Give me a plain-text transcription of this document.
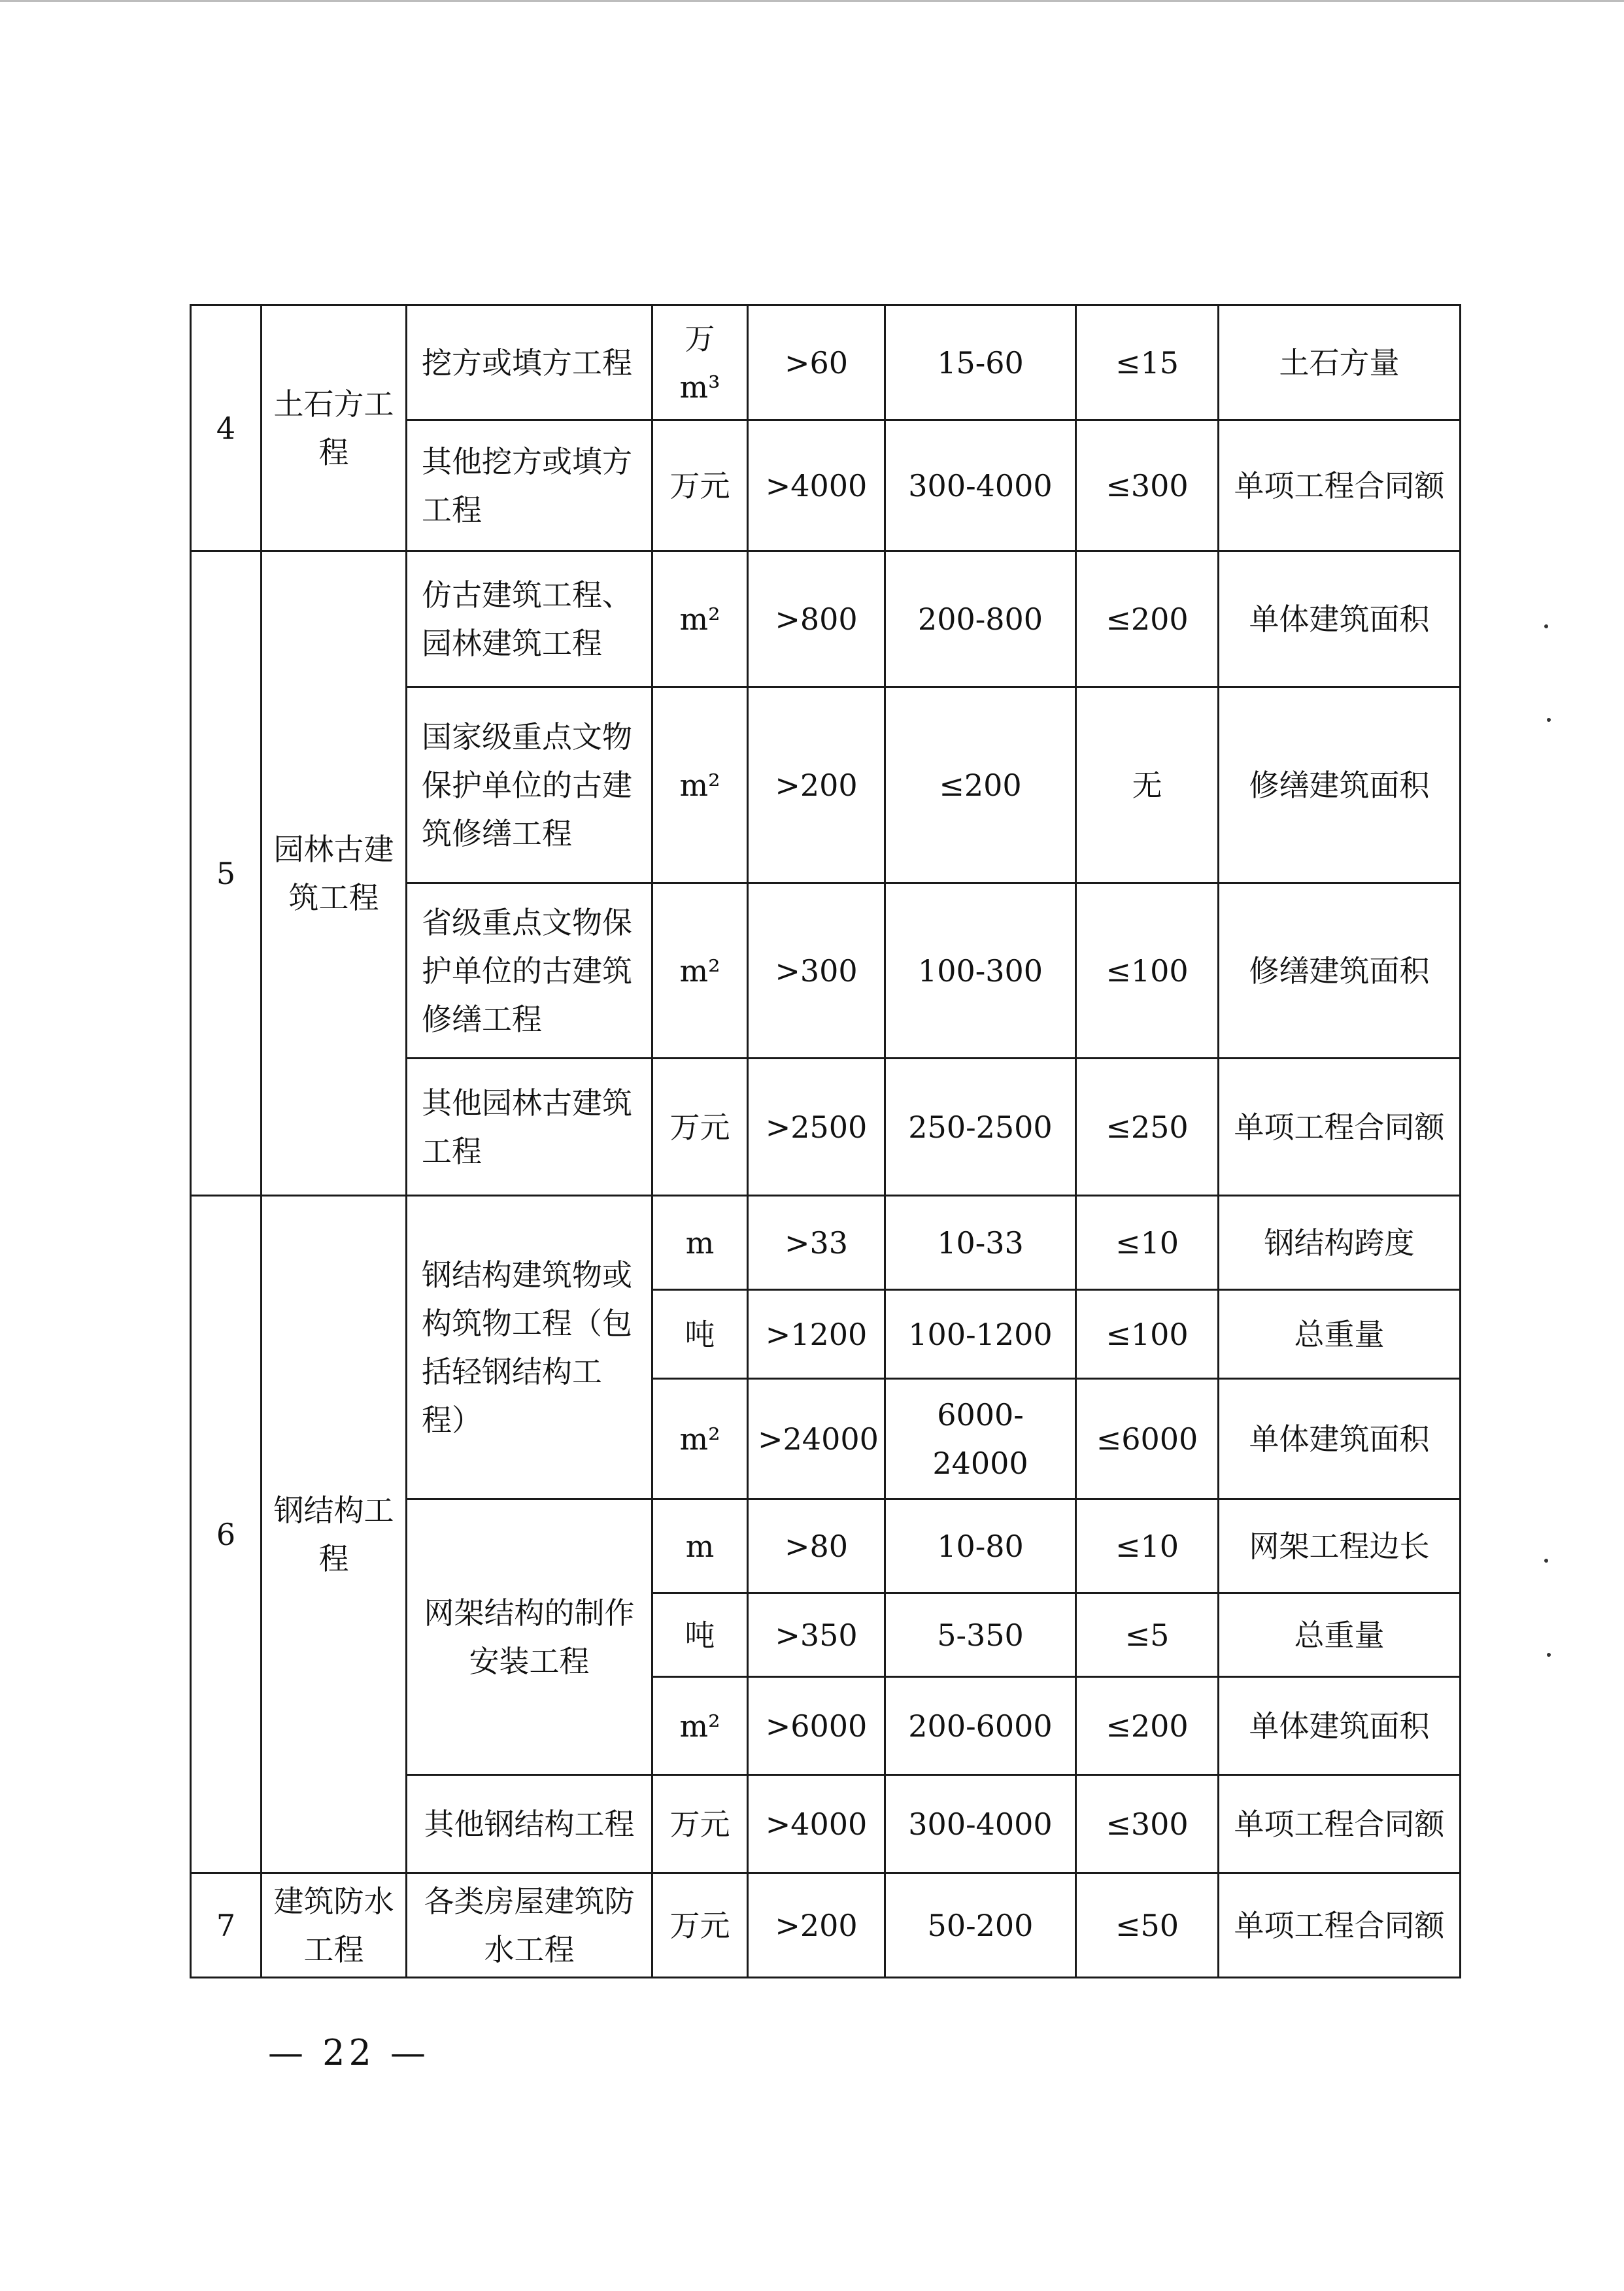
4	土石方工程	挖方或填方工程	万 m³	>60	15-60	≤15	土石方量
		其他挖方或填方工程	万元	>4000	300-4000	≤300	单项工程合同额
5	园林古建筑工程	仿古建筑工程、园林建筑工程	m²	>800	200-800	≤200	单体建筑面积
		国家级重点文物保护单位的古建筑修缮工程	m²	>200	≤200	无	修缮建筑面积
		省级重点文物保护单位的古建筑修缮工程	m²	>300	100-300	≤100	修缮建筑面积
		其他园林古建筑工程	万元	>2500	250-2500	≤250	单项工程合同额
6	钢结构工程	钢结构建筑物或构筑物工程（包括轻钢结构工程）	m	>33	10-33	≤10	钢结构跨度
			吨	>1200	100-1200	≤100	总重量
			m²	>24000	6000-24000	≤6000	单体建筑面积
		网架结构的制作安装工程	m	>80	10-80	≤10	网架工程边长
			吨	>350	5-350	≤5	总重量
			m²	>6000	200-6000	≤200	单体建筑面积
		其他钢结构工程	万元	>4000	300-4000	≤300	单项工程合同额
7	建筑防水工程	各类房屋建筑防水工程	万元	>200	50-200	≤50	单项工程合同额
— 22 —
